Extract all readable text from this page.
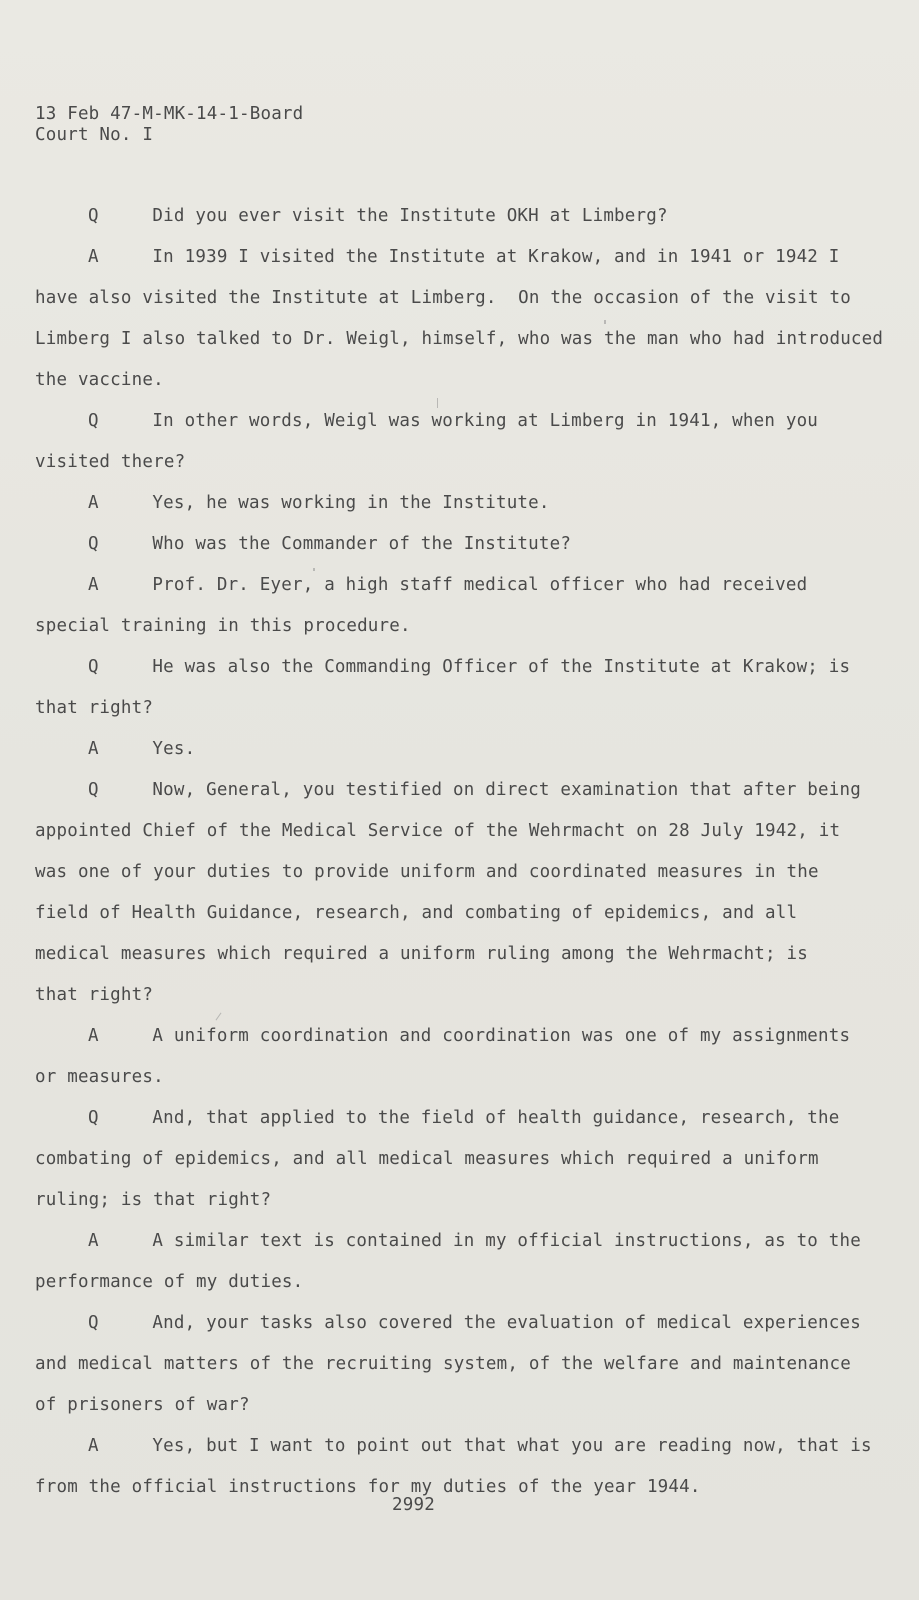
13 Feb 47-M-MK-14-1-Board
Court No. I
Q     Did you ever visit the Institute OKH at Limberg?
A     In 1939 I visited the Institute at Krakow, and in 1941 or 1942 I
have also visited the Institute at Limberg.  On the occasion of the visit to
Limberg I also talked to Dr. Weigl, himself, who was the man who had introduced
the vaccine.
Q     In other words, Weigl was working at Limberg in 1941, when you
visited there?
A     Yes, he was working in the Institute.
Q     Who was the Commander of the Institute?
A     Prof. Dr. Eyer, a high staff medical officer who had received
special training in this procedure.
Q     He was also the Commanding Officer of the Institute at Krakow; is
that right?
A     Yes.
Q     Now, General, you testified on direct examination that after being
appointed Chief of the Medical Service of the Wehrmacht on 28 July 1942, it
was one of your duties to provide uniform and coordinated measures in the
field of Health Guidance, research, and combating of epidemics, and all
medical measures which required a uniform ruling among the Wehrmacht; is
that right?
A     A uniform coordination and coordination was one of my assignments
or measures.
Q     And, that applied to the field of health guidance, research, the
combating of epidemics, and all medical measures which required a uniform
ruling; is that right?
A     A similar text is contained in my official instructions, as to the
performance of my duties.
Q     And, your tasks also covered the evaluation of medical experiences
and medical matters of the recruiting system, of the welfare and maintenance
of prisoners of war?
A     Yes, but I want to point out that what you are reading now, that is
from the official instructions for my duties of the year 1944.
2992
